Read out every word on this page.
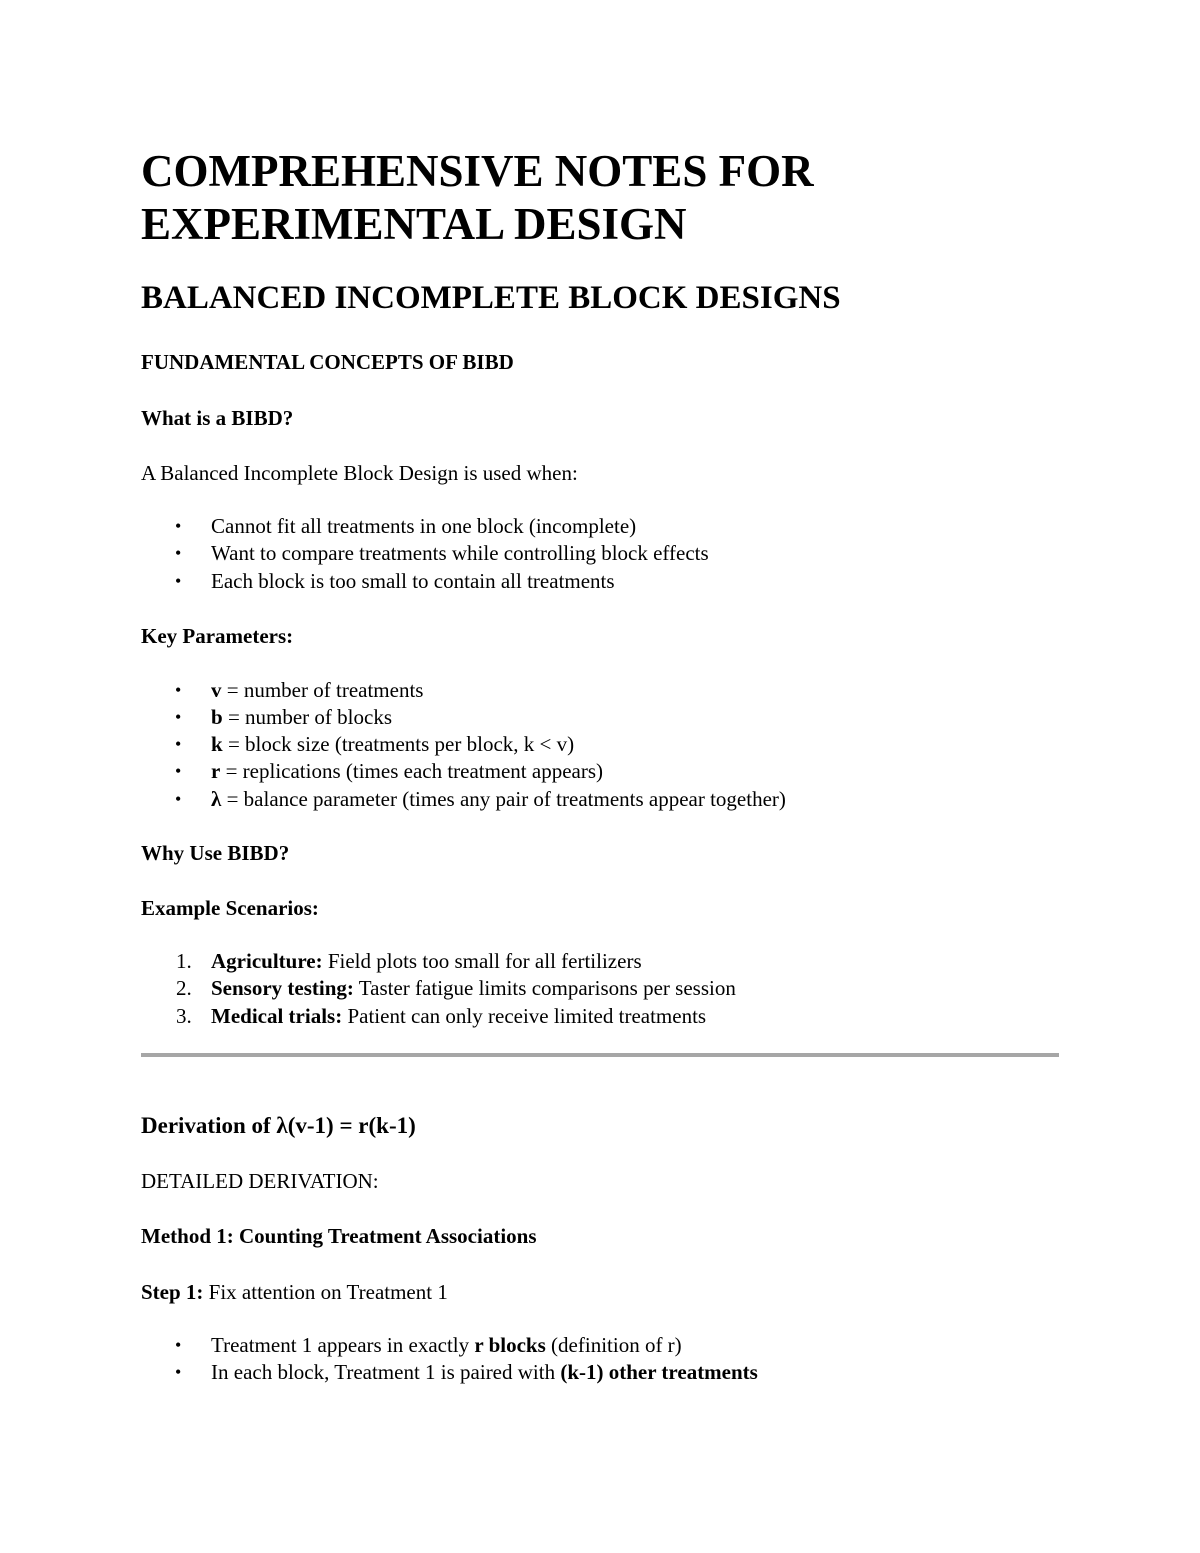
COMPREHENSIVE NOTES FOR
EXPERIMENTAL DESIGN
BALANCED INCOMPLETE BLOCK DESIGNS
FUNDAMENTAL CONCEPTS OF BIBD
What is a BIBD?
A Balanced Incomplete Block Design is used when:
• Cannot fit all treatments in one block (incomplete)
• Want to compare treatments while controlling block effects
• Each block is too small to contain all treatments
Key Parameters:
• v = number of treatments
• b = number of blocks
• k = block size (treatments per block, k < v)
• r = replications (times each treatment appears)
• λ = balance parameter (times any pair of treatments appear together)
Why Use BIBD?
Example Scenarios:
1. Agriculture: Field plots too small for all fertilizers
2. Sensory testing: Taster fatigue limits comparisons per session
3. Medical trials: Patient can only receive limited treatments
Derivation of λ(v-1) = r(k-1)
DETAILED DERIVATION:
Method 1: Counting Treatment Associations
Step 1: Fix attention on Treatment 1
• Treatment 1 appears in exactly r blocks (definition of r)
• In each block, Treatment 1 is paired with (k-1) other treatments
